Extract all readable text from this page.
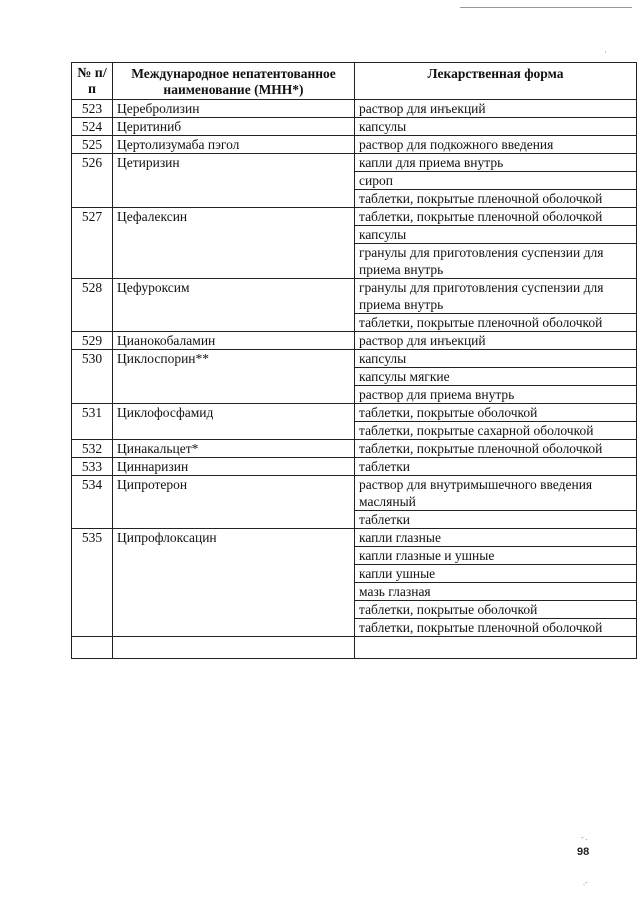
˙
№ п/п	Международное непатентованное наименование (МНН*)	Лекарственная форма
523	Церебролизин	раствор для инъекций
524	Церитиниб	капсулы
525	Цертолизумаба пэгол	раствор для подкожного введения
526	Цетиризин	капли для приема внутрь
		сироп
		таблетки, покрытые пленочной оболочкой
527	Цефалексин	таблетки, покрытые пленочной оболочкой
		капсулы
		гранулы для приготовления суспензии для приема внутрь
528	Цефуроксим	гранулы для приготовления суспензии для приема внутрь
		таблетки, покрытые пленочной оболочкой
529	Цианокобаламин	раствор для инъекций
530	Циклоспорин**	капсулы
		капсулы мягкие
		раствор для приема внутрь
531	Циклофосфамид	таблетки, покрытые оболочкой
		таблетки, покрытые сахарной оболочкой
532	Цинакальцет*	таблетки, покрытые пленочной оболочкой
533	Циннаризин	таблетки
534	Ципротерон	раствор для внутримышечного введения масляный
		таблетки
535	Ципрофлоксацин	капли глазные
		капли глазные и ушные
		капли ушные
		мазь глазная
		таблетки, покрытые оболочкой
		таблетки, покрытые пленочной оболочкой

98
- .
.-
